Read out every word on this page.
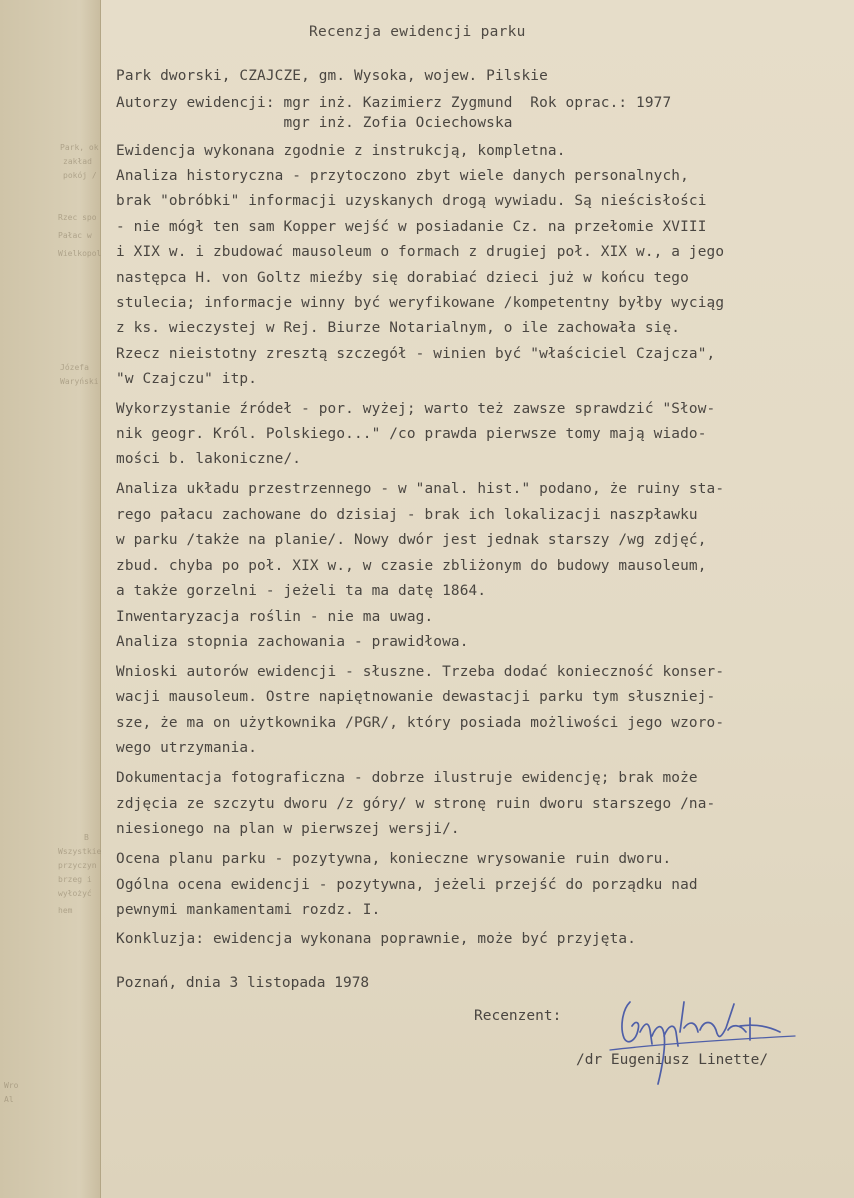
Park, ok
zakład
pokój /
Rzec spo
Pałac w
Wielkopol
Józefa
Waryński
B
Wszystkie
przyczyn
brzeg i
wyłożyć
hem
Wro
Al
Recenzja ewidencji parku
Park dworski, CZAJCZE, gm. Wysoka, wojew. Pilskie
Autorzy ewidencji: mgr inż. Kazimierz Zygmund  Rok oprac.: 1977
mgr inż. Zofia Ociechowska
Ewidencja wykonana zgodnie z instrukcją, kompletna.
Analiza historyczna - przytoczono zbyt wiele danych personalnych,
brak "obróbki" informacji uzyskanych drogą wywiadu. Są nieścisłości
- nie mógł ten sam Kopper wejść w posiadanie Cz. na przełomie XVIII
i XIX w. i zbudować mausoleum o formach z drugiej poł. XIX w., a jego
następca H. von Goltz mieźby się dorabiać dzieci już w końcu tego
stulecia; informacje winny być weryfikowane /kompetentny byłby wyciąg
z ks. wieczystej w Rej. Biurze Notarialnym, o ile zachowała się.
Rzecz nieistotny zresztą szczegół - winien być "właściciel Czajcza",
"w Czajczu" itp.
Wykorzystanie źródeł - por. wyżej; warto też zawsze sprawdzić "Słow-
nik geogr. Król. Polskiego..." /co prawda pierwsze tomy mają wiado-
mości b. lakoniczne/.
Analiza układu przestrzennego - w "anal. hist." podano, że ruiny sta-
rego pałacu zachowane do dzisiaj - brak ich lokalizacji naszpławku
w parku /także na planie/. Nowy dwór jest jednak starszy /wg zdjęć,
zbud. chyba po poł. XIX w., w czasie zbliżonym do budowy mausoleum,
a także gorzelni - jeżeli ta ma datę 1864.
Inwentaryzacja roślin - nie ma uwag.
Analiza stopnia zachowania - prawidłowa.
Wnioski autorów ewidencji - słuszne. Trzeba dodać konieczność konser-
wacji mausoleum. Ostre napiętnowanie dewastacji parku tym słuszniej-
sze, że ma on użytkownika /PGR/, który posiada możliwości jego wzoro-
wego utrzymania.
Dokumentacja fotograficzna - dobrze ilustruje ewidencję; brak może
zdjęcia ze szczytu dworu /z góry/ w stronę ruin dworu starszego /na-
niesionego na plan w pierwszej wersji/.
Ocena planu parku - pozytywna, konieczne wrysowanie ruin dworu.
Ogólna ocena ewidencji - pozytywna, jeżeli przejść do porządku nad
pewnymi mankamentami rozdz. I.
Konkluzja: ewidencja wykonana poprawnie, może być przyjęta.
Poznań, dnia 3 listopada 1978
Recenzent:
/dr Eugeniusz Linette/
